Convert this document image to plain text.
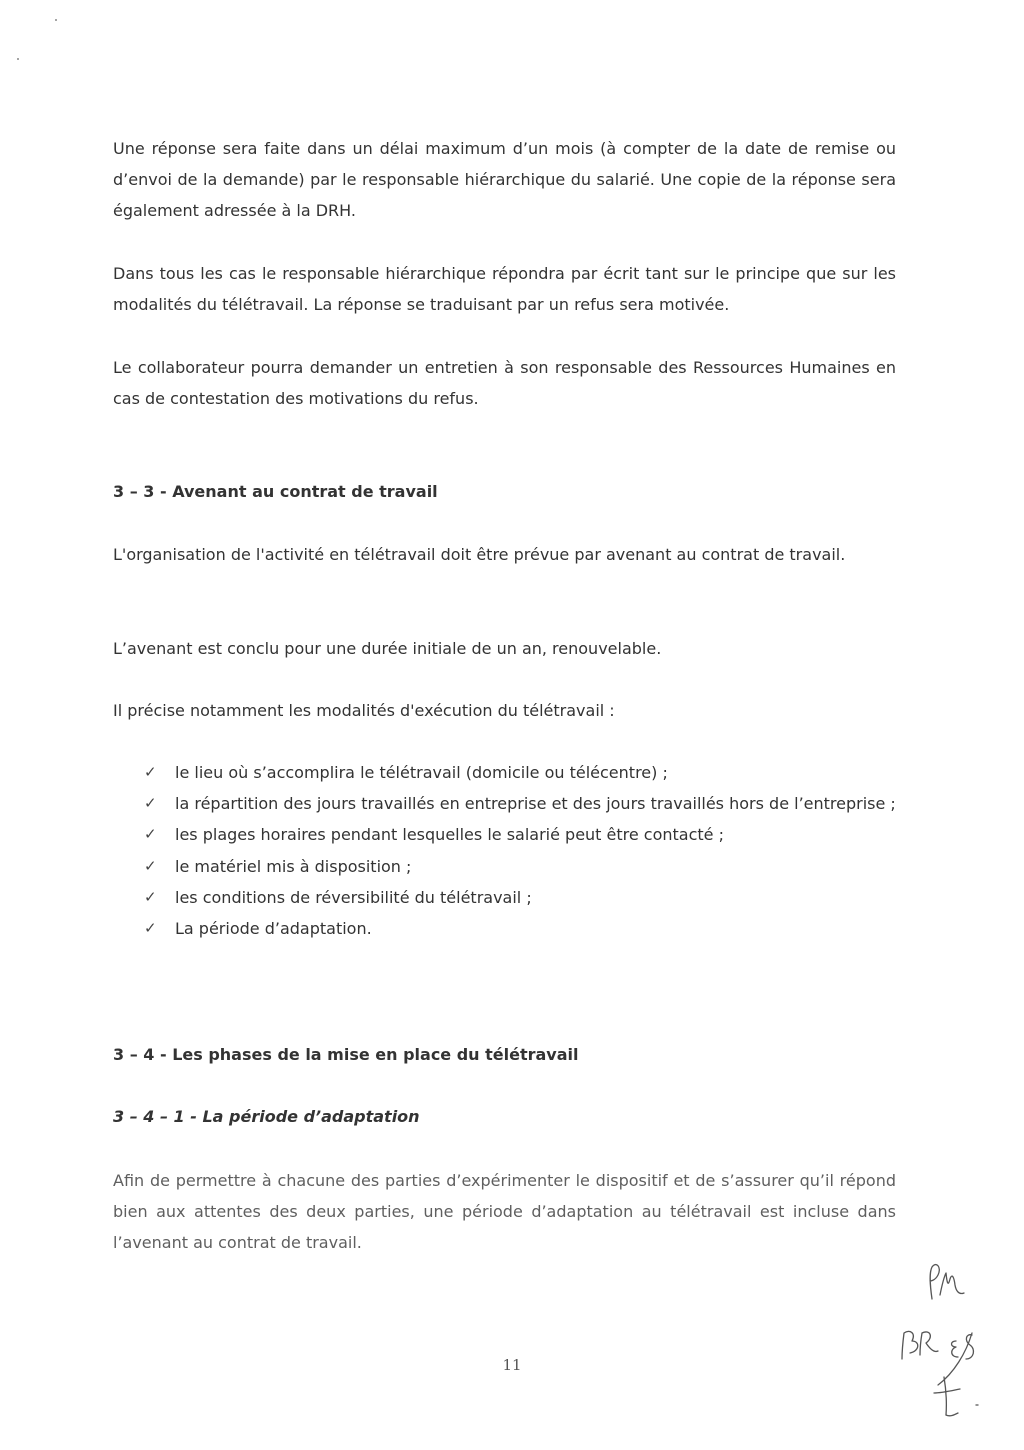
Une réponse sera faite dans un délai maximum d’un mois (à compter de la date de remise ou d’envoi de la demande) par le responsable hiérarchique du salarié. Une copie de la réponse sera également adressée à la DRH.

Dans tous les cas le responsable hiérarchique répondra par écrit tant sur le principe que sur les modalités du télétravail. La réponse se traduisant par un refus sera motivée.

Le collaborateur pourra demander un entretien à son responsable des Ressources Humaines en cas de contestation des motivations du refus.

3 – 3 - Avenant au contrat de travail

L'organisation de l'activité en télétravail doit être prévue par avenant au contrat de travail.

L’avenant est conclu pour une durée initiale de un an, renouvelable.

Il précise notamment les modalités d'exécution du télétravail :

✓ le lieu où s’accomplira le télétravail (domicile ou télécentre) ;
✓ la répartition des jours travaillés en entreprise et des jours travaillés hors de l’entreprise ;
✓ les plages horaires pendant lesquelles le salarié peut être contacté ;
✓ le matériel mis à disposition ;
✓ les conditions de réversibilité du télétravail ;
✓ La période d’adaptation.
3 – 4 - Les phases de la mise en place du télétravail
3 – 4 – 1 - La période d’adaptation

Afin de permettre à chacune des parties d’expérimenter le dispositif et de s’assurer qu’il répond bien aux attentes des deux parties, une période d’adaptation au télétravail est incluse dans l’avenant au contrat de travail.

11
